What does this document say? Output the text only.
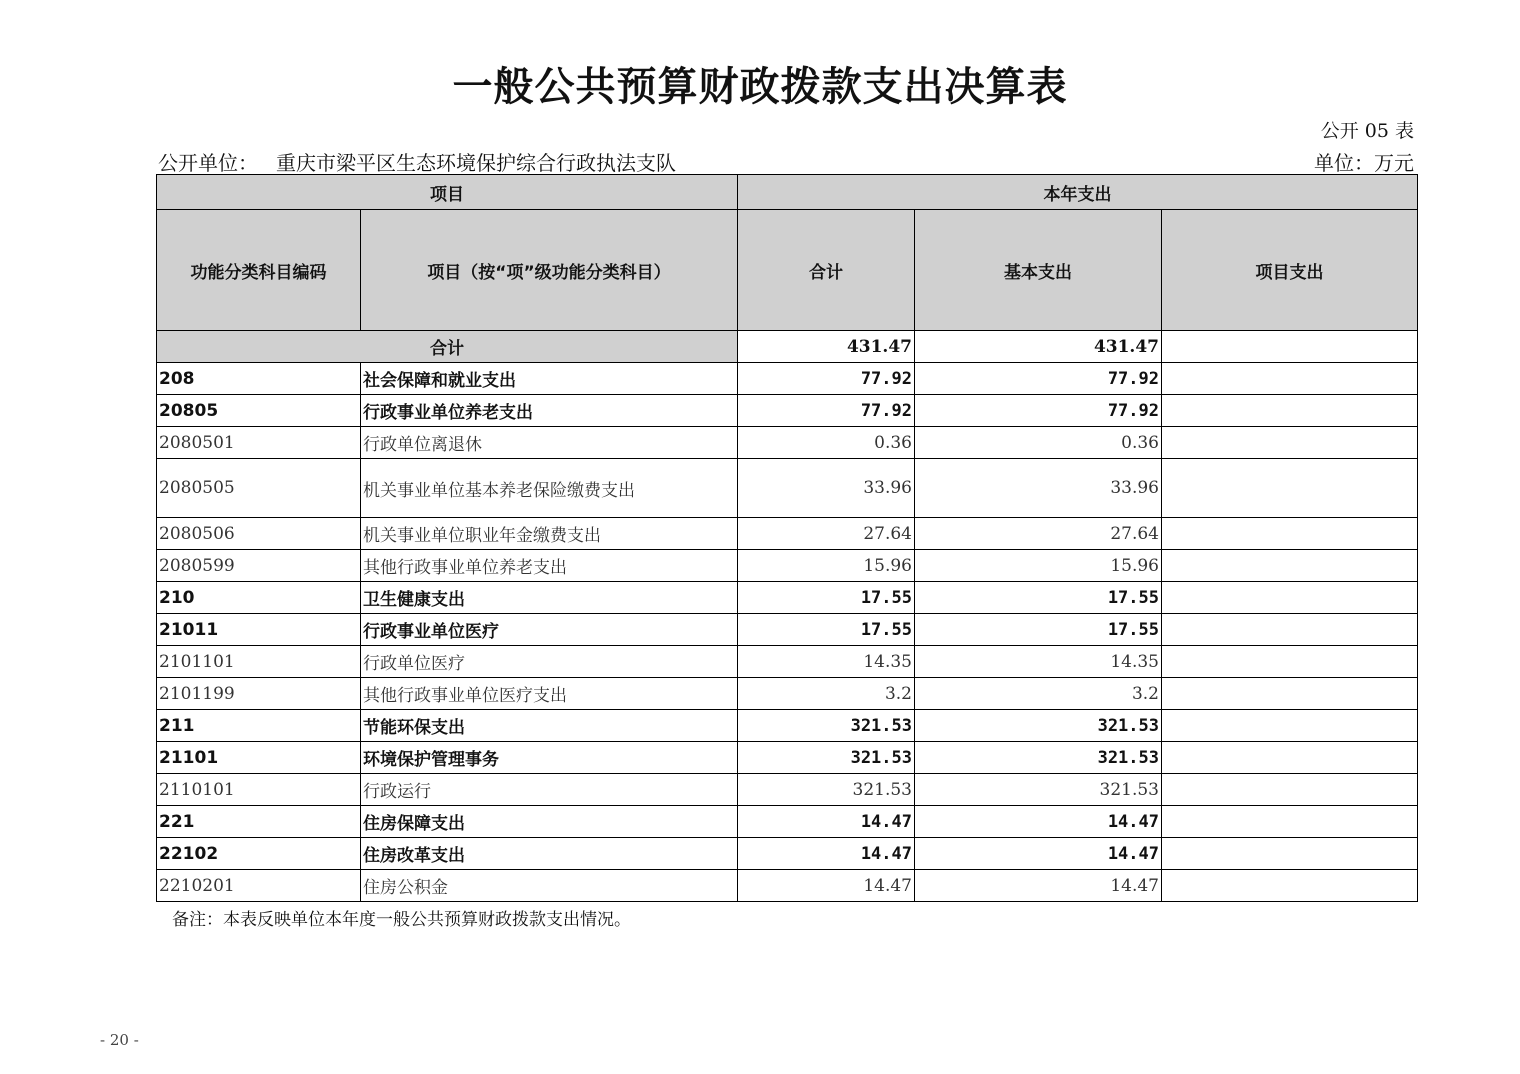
一般公共预算财政拨款支出决算表
公开 05 表
公开单位： 重庆市梁平区生态环境保护综合行政执法支队	单位：万元
项目		本年支出		
功能分类科目编码	项目（按“项”级功能分类科目）	合计	基本支出	项目支出
合计		431.47	431.47	
208	社会保障和就业支出	77.92	77.92	
20805	行政事业单位养老支出	77.92	77.92	
2080501	行政单位离退休	0.36	0.36	
2080505	机关事业单位基本养老保险缴费支出	33.96	33.96	
2080506	机关事业单位职业年金缴费支出	27.64	27.64	
2080599	其他行政事业单位养老支出	15.96	15.96	
210	卫生健康支出	17.55	17.55	
21011	行政事业单位医疗	17.55	17.55	
2101101	行政单位医疗	14.35	14.35	
2101199	其他行政事业单位医疗支出	3.2	3.2	
211	节能环保支出	321.53	321.53	
21101	环境保护管理事务	321.53	321.53	
2110101	行政运行	321.53	321.53	
221	住房保障支出	14.47	14.47	
22102	住房改革支出	14.47	14.47	
2210201	住房公积金	14.47	14.47	
备注：本表反映单位本年度一般公共预算财政拨款支出情况。
- 20 -
